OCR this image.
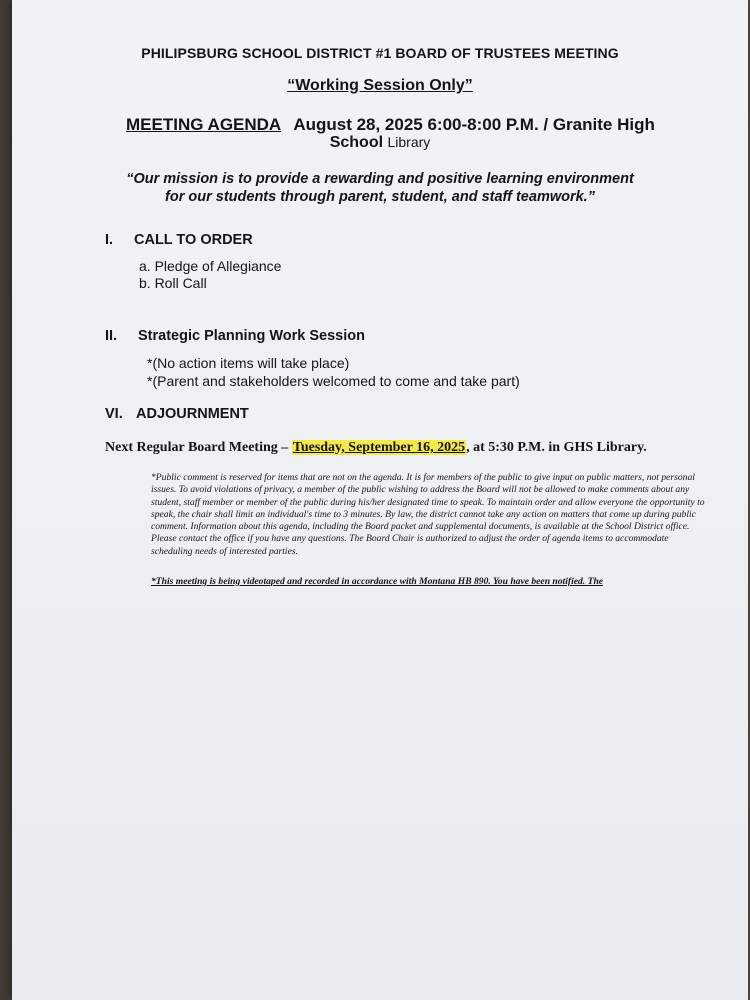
PHILIPSBURG SCHOOL DISTRICT #1 BOARD OF TRUSTEES MEETING
“Working Session Only”
MEETING AGENDA August 28, 2025 6:00-8:00 P.M. / Granite High
School Library
“Our mission is to provide a rewarding and positive learning environment
for our students through parent, student, and staff teamwork.”
I. CALL TO ORDER
a. Pledge of Allegiance
b. Roll Call
II. Strategic Planning Work Session
*(No action items will take place)
*(Parent and stakeholders welcomed to come and take part)
VI. ADJOURNMENT
Next Regular Board Meeting – Tuesday, September 16, 2025, at 5:30 P.M. in GHS Library.
*Public comment is reserved for items that are not on the agenda. It is for members of the public to give input on public matters, not personal issues. To avoid violations of privacy, a member of the public wishing to address the Board will not be allowed to make comments about any student, staff member or member of the public during his/her designated time to speak. To maintain order and allow everyone the opportunity to speak, the chair shall limit an individual's time to 3 minutes. By law, the district cannot take any action on matters that come up during public comment. Information about this agenda, including the Board packet and supplemental documents, is available at the School District office. Please contact the office if you have any questions. The Board Chair is authorized to adjust the order of agenda items to accommodate scheduling needs of interested parties.
*This meeting is being videotaped and recorded in accordance with Montana HB 890. You have been notified. The
